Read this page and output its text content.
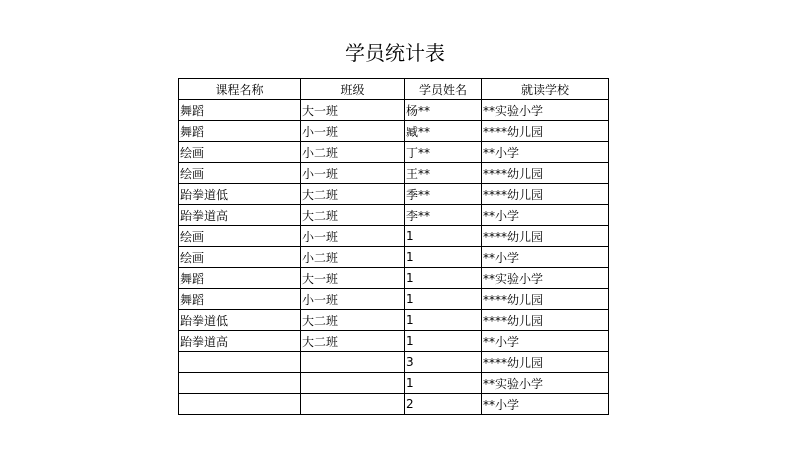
学员统计表
课程名称	班级	学员姓名	就读学校
舞蹈	大一班	杨**	**实验小学
舞蹈	小一班	臧**	****幼儿园
绘画	小二班	丁**	**小学
绘画	小一班	王**	****幼儿园
跆拳道低	大二班	季**	****幼儿园
跆拳道高	大二班	李**	**小学
绘画	小一班	1	****幼儿园
绘画	小二班	1	**小学
舞蹈	大一班	1	**实验小学
舞蹈	小一班	1	****幼儿园
跆拳道低	大二班	1	****幼儿园
跆拳道高	大二班	1	**小学
		3	****幼儿园
		1	**实验小学
		2	**小学
